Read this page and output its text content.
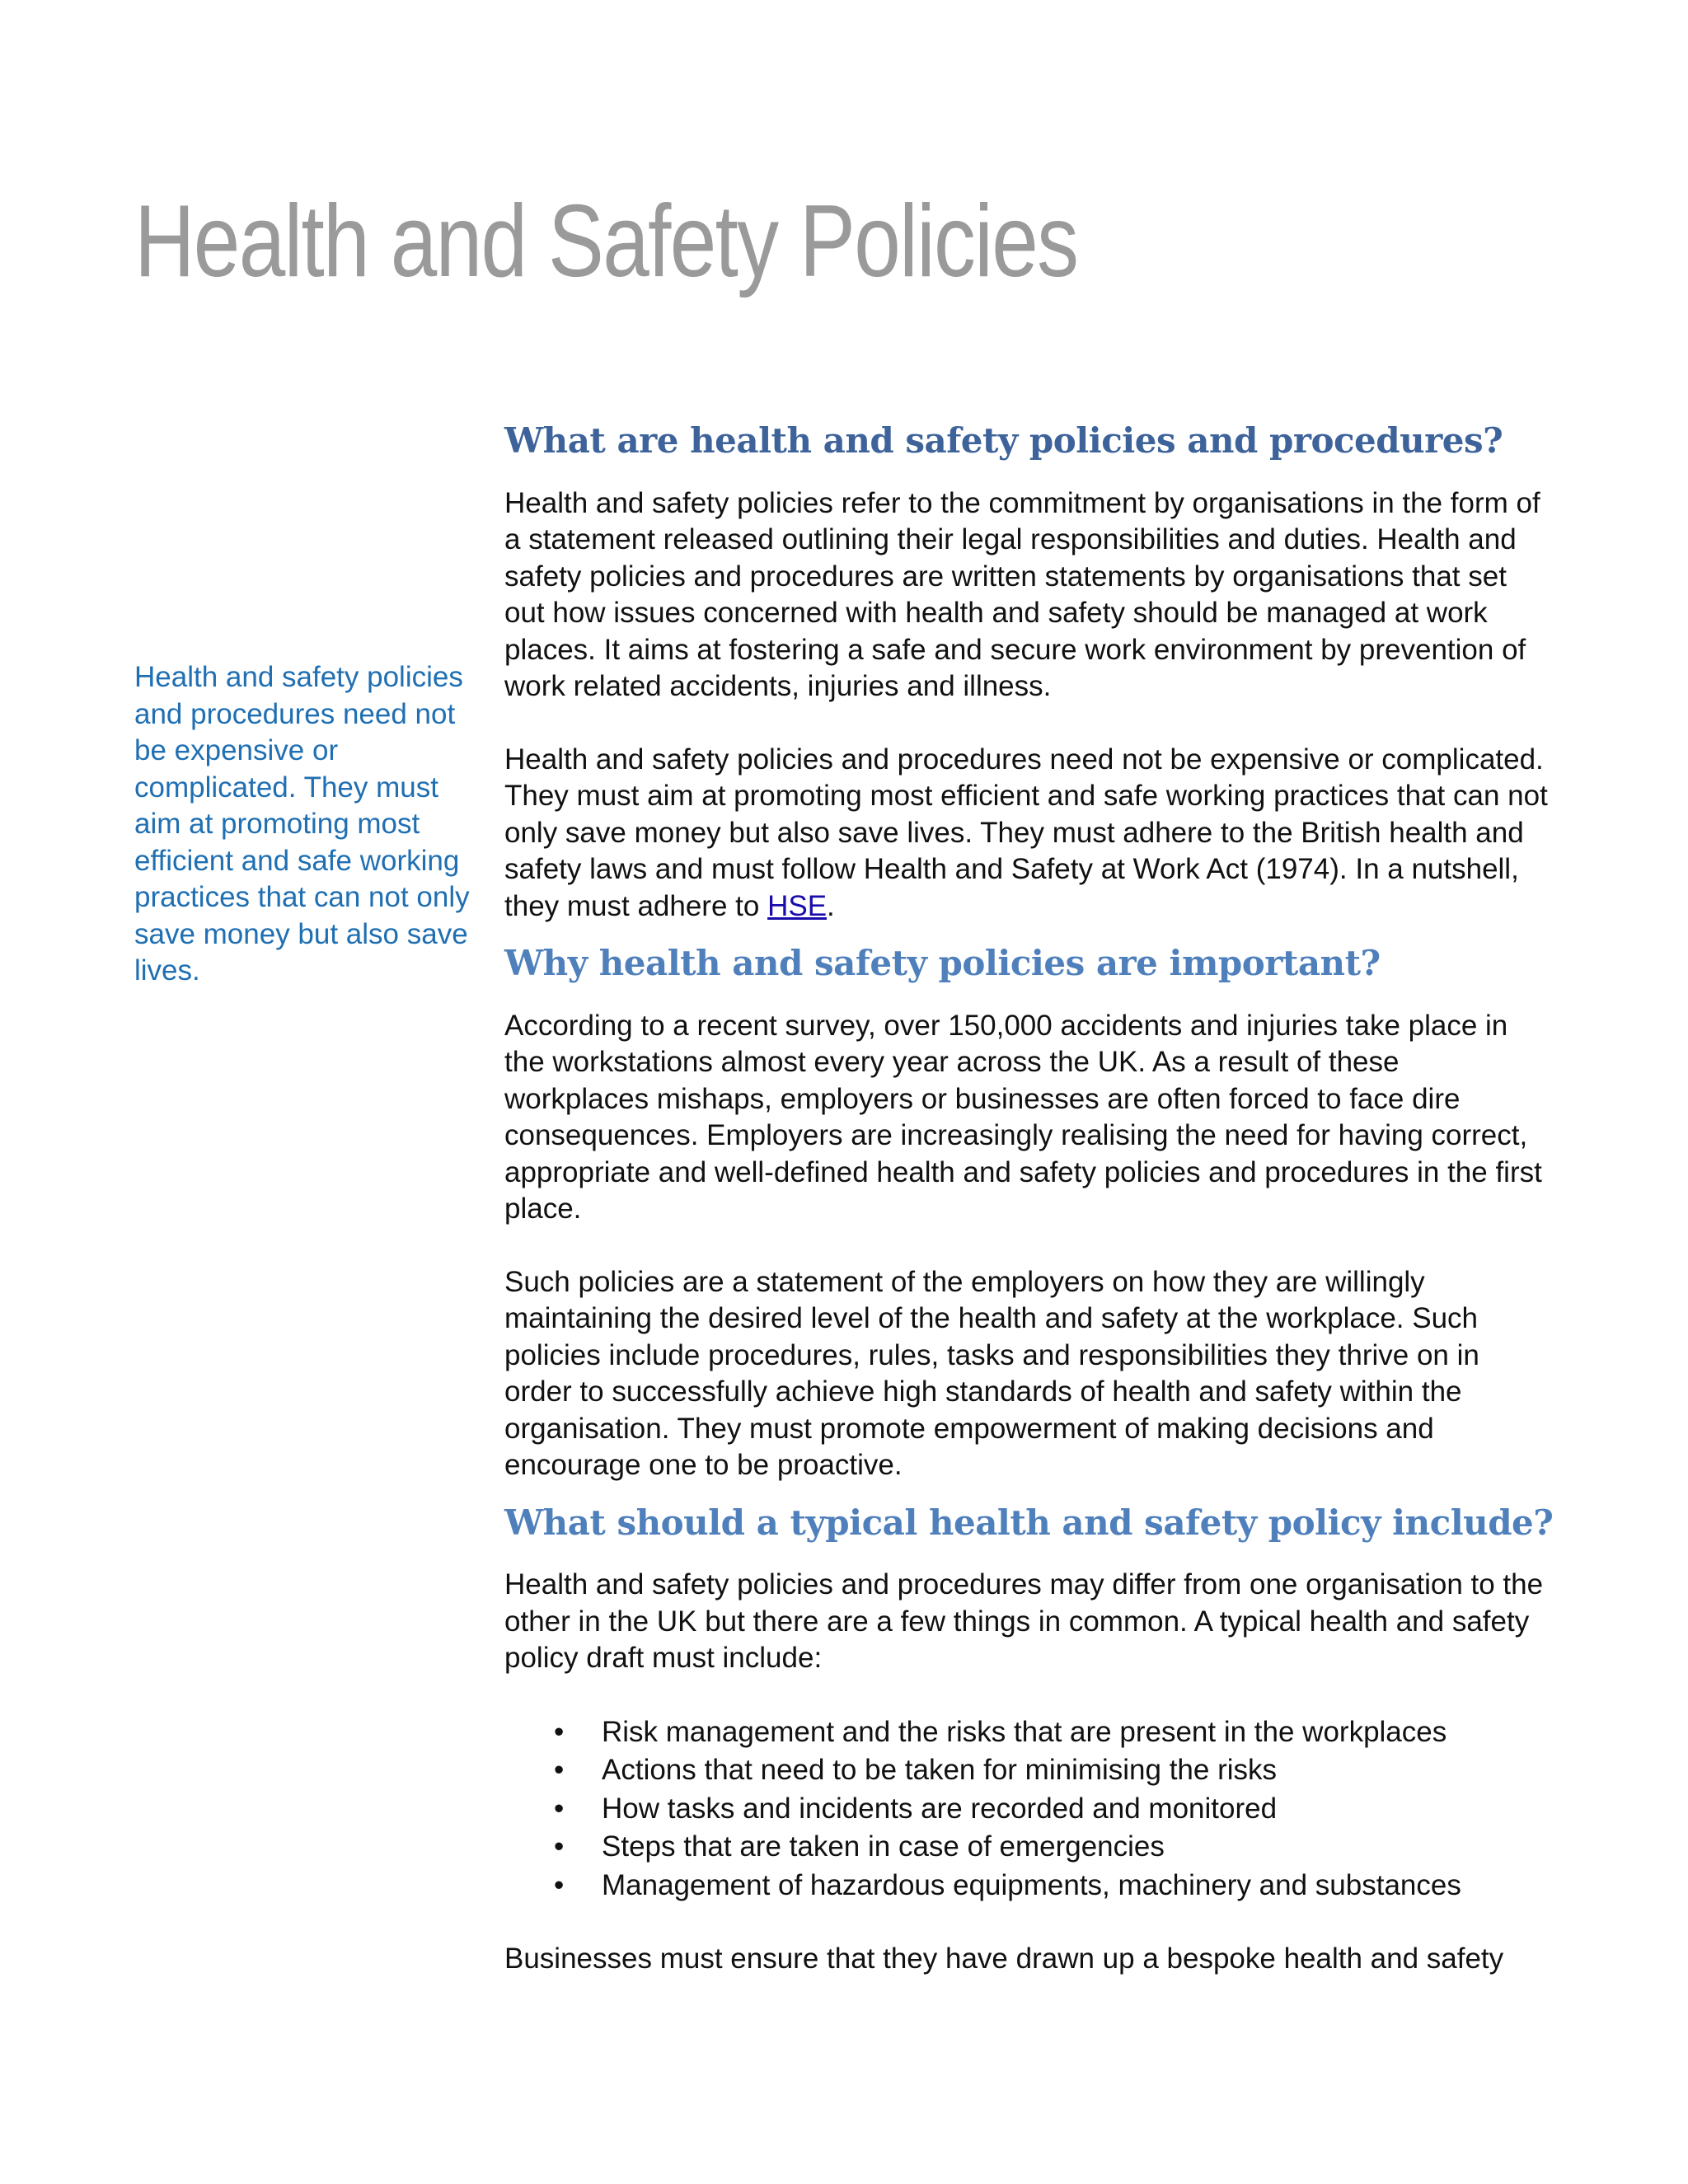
Health and Safety Policies

Health and safety policies and procedures need not be expensive or complicated. They must aim at promoting most efficient and safe working practices that can not only save money but also save lives.

What are health and safety policies and procedures?

Health and safety policies refer to the commitment by organisations in the form of a statement released outlining their legal responsibilities and duties. Health and safety policies and procedures are written statements by organisations that set out how issues concerned with health and safety should be managed at work places. It aims at fostering a safe and secure work environment by prevention of work related accidents, injuries and illness.

Health and safety policies and procedures need not be expensive or complicated. They must aim at promoting most efficient and safe working practices that can not only save money but also save lives. They must adhere to the British health and safety laws and must follow Health and Safety at Work Act (1974). In a nutshell, they must adhere to HSE.

Why health and safety policies are important?

According to a recent survey, over 150,000 accidents and injuries take place in the workstations almost every year across the UK. As a result of these workplaces mishaps, employers or businesses are often forced to face dire consequences. Employers are increasingly realising the need for having correct, appropriate and well-defined health and safety policies and procedures in the first place.

Such policies are a statement of the employers on how they are willingly maintaining the desired level of the health and safety at the workplace. Such policies include procedures, rules, tasks and responsibilities they thrive on in order to successfully achieve high standards of health and safety within the organisation. They must promote empowerment of making decisions and encourage one to be proactive.

What should a typical health and safety policy include?

Health and safety policies and procedures may differ from one organisation to the other in the UK but there are a few things in common. A typical health and safety policy draft must include:

• Risk management and the risks that are present in the workplaces
• Actions that need to be taken for minimising the risks
• How tasks and incidents are recorded and monitored
• Steps that are taken in case of emergencies
• Management of hazardous equipments, machinery and substances

Businesses must ensure that they have drawn up a bespoke health and safety
